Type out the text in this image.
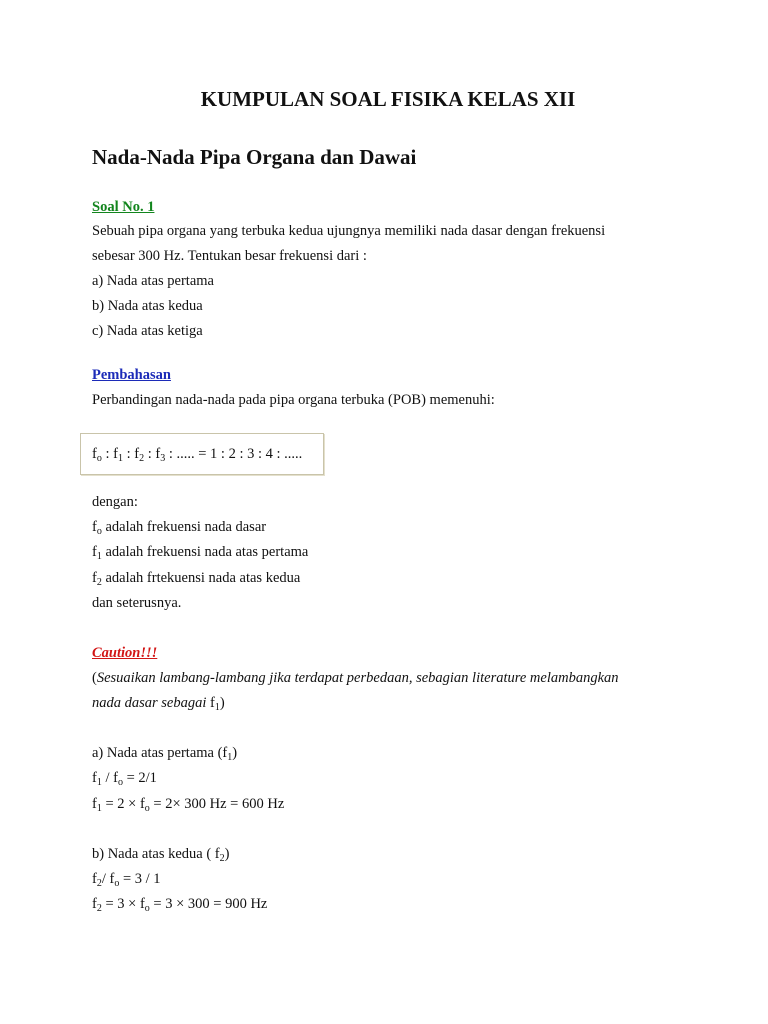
KUMPULAN SOAL FISIKA KELAS XII
Nada-Nada Pipa Organa dan Dawai
Soal No. 1
Sebuah pipa organa yang terbuka kedua ujungnya memiliki nada dasar dengan frekuensi
sebesar 300 Hz. Tentukan besar frekuensi dari :
a) Nada atas pertama
b) Nada atas kedua
c) Nada atas ketiga
Pembahasan
Perbandingan nada-nada pada pipa organa terbuka (POB) memenuhi:
$f_o$ : $f_1$ : $f_2$ : $f_3$ : ..... = 1 : 2 : 3 : 4 : .....
dengan:
$f_o$ adalah frekuensi nada dasar
$f_1$ adalah frekuensi nada atas pertama
$f_2$ adalah frtekuensi nada atas kedua
dan seterusnya.
Caution!!!
(Sesuaikan lambang-lambang jika terdapat perbedaan, sebagian literature melambangkan
nada dasar sebagai $f_1$)
a) Nada atas pertama $(f_1)$
$f_1 / f_o = 2/1$
$f_1 = 2 \times f_o = 2\times 300$ Hz = 600 Hz
b) Nada atas kedua ( $f_2$)
$f_2/$ $f_o = 3 / 1$
$f_2 = 3 \times f_o = 3 \times 300 = 900$ Hz
